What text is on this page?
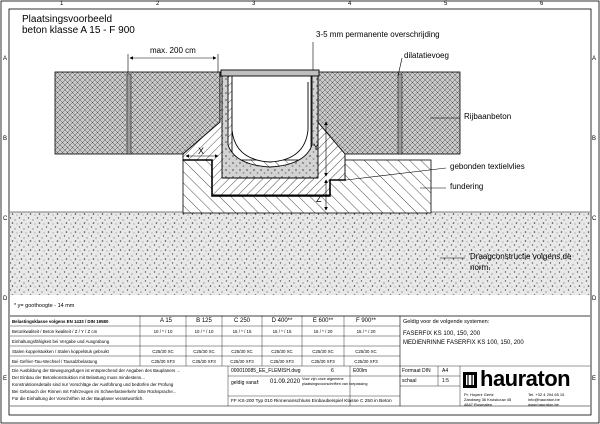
1	2	3	4	5	6
A
B
C
D
E
A
B
C
D
E
Plaatsingsvoorbeeld
beton klasse A 15 - F 900
max. 200 cm
X	Y
Z
3-5 mm permanente overschrijding
dilatatievoeg
Rijbaanbeton
gebonden textielvlies
fundering
Draagconstructie volgens de
norm.
* y= goothoogte - 14 mm
Belastingsklasse volgens EN 1433 / DIN 19580	A 15	B 125	C 250	D 400**	E 600**	F 900**
Betonkwaliteit / Beton kwaliteit / Z / Y / Z cm	10 / * / 10	10 / * / 10	15 / * / 15	15 / * / 15	15 / * / 20	15 / * / 20
Einhaltungsfähigkeit bei Vergabe und Ausgrabung
Stalen koppelstukken / Stalen koppelstuk gebruikt	C25/30 XC	C25/30 XC	C25/30 XC	C25/30 XC	C25/30 XC	C25/30 XC
Bei Gefrier-Tau-Wechsel / Tausalzbelastung	C25/30 XF3	C25/30 XF3	C25/30 XF3	C25/30 XF3	C25/30 XF3	C25/30 XF3
Die Ausbildung der Bewegungsfugen ist entsprechend der Angaben des Bauplaners ...
Der Einbau der Betonkonstruktion mit Belastung muss mindestens...
Konstruktionsdetails sind nur Vorschläge der Ausführung und bedürfen der Prüfung
Bei Gebrauch der Rinnen mit Fahrzeugen im Schwerlastverkehr bitte Rücksprache...
Für die Einhaltung der Vorschriften ist der Bauplaner verantwortlich.
Geldig voor de volgende systemen:
FASERFIX KS 100, 150, 200
MEDIENRINNE FASERFIX KS 100, 150, 200
000010085_EE_FLEMISH.dwg	6
geldig vanaf: 01.09.2020 Voor zijn onze algemene
plaatsingsvoorschriften van toepassing
E00lm
FF KS-200 Typ 010 Rinnenanschluss Einbaubeispiel Klasse C 250 in Beton
Formaat DIN A4
schaal	1:5 hauraton
Pr. Hoyerz Gertz
Zandweg 36 Kruiskouw 45
4847 Rosmalen
Tel. +32 4 294 65 15
info@hauraton.be
www.hauraton.be
